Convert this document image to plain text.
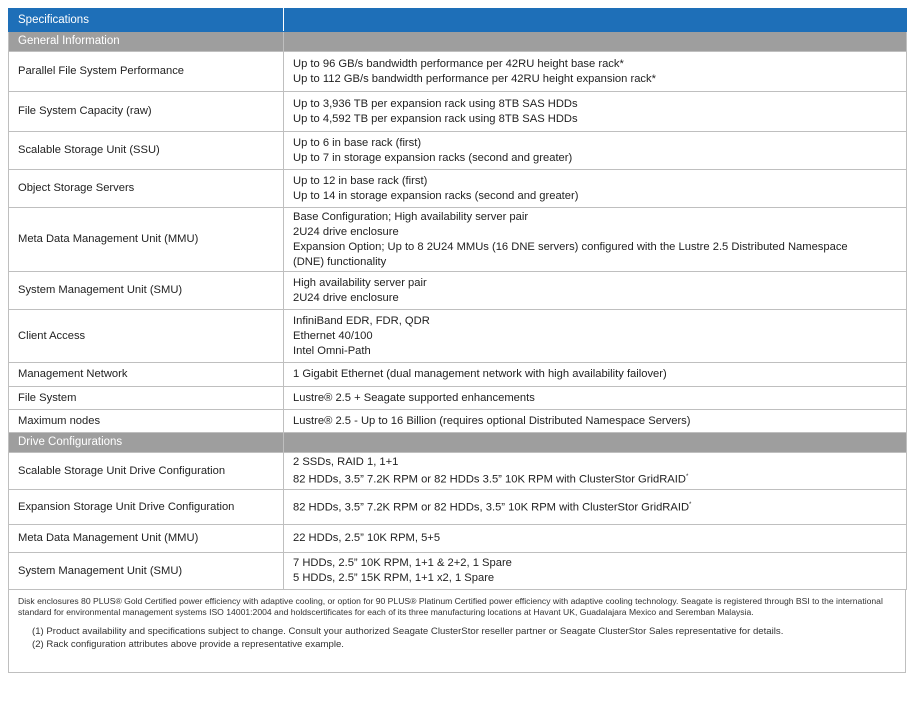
Specifications	
General Information	
Parallel File System Performance	Up to 96 GB/s bandwidth performance per 42RU height base rack*
Up to 112 GB/s bandwidth performance per 42RU height expansion rack*

File System Capacity (raw)	Up to 3,936 TB per expansion rack using 8TB SAS HDDs
Up to 4,592 TB per expansion rack using 8TB SAS HDDs

Scalable Storage Unit (SSU)	Up to 6 in base rack (first)
Up to 7 in storage expansion racks (second and greater)

Object Storage Servers	Up to 12 in base rack (first)
Up to 14 in storage expansion racks (second and greater)

Meta Data Management Unit (MMU)	Base Configuration; High availability server pair
2U24 drive enclosure
Expansion Option; Up to 8 2U24 MMUs (16 DNE servers) configured with the Lustre 2.5 Distributed Namespace
(DNE) functionality

System Management Unit (SMU)	High availability server pair
2U24 drive enclosure

Client Access	InfiniBand EDR, FDR, QDR
Ethernet 40/100
Intel Omni-Path

Management Network	1 Gigabit Ethernet (dual management network with high availability failover)

File System	Lustre® 2.5 + Seagate supported enhancements

Maximum nodes	Lustre® 2.5 - Up to 16 Billion (requires optional Distributed Namespace Servers)

Drive Configurations	
Scalable Storage Unit Drive Configuration	2 SSDs, RAID 1, 1+1
82 HDDs, 3.5” 7.2K RPM or 82 HDDs 3.5” 10K RPM with ClusterStor GridRAID*

Expansion Storage Unit Drive Configuration	82 HDDs, 3.5” 7.2K RPM or 82 HDDs, 3.5” 10K RPM with ClusterStor GridRAID*

Meta Data Management Unit (MMU)	22 HDDs, 2.5” 10K RPM, 5+5

System Management Unit (SMU)	7 HDDs, 2.5” 10K RPM, 1+1 & 2+2, 1 Spare
5 HDDs, 2.5” 15K RPM, 1+1 x2, 1 Spare

Disk enclosures 80 PLUS® Gold Certified power efficiency with adaptive cooling, or option for 90 PLUS® Platinum Certified power efficiency with adaptive cooling technology. Seagate is registered through BSI to the international standard for environmental management systems ISO 14001:2004 and holdscertificates for each of its three manufacturing locations at Havant UK, Guadalajara Mexico and Seremban Malaysia.

(1) Product availability and specifications subject to change. Consult your authorized Seagate ClusterStor reseller partner or Seagate ClusterStor Sales representative for details.
(2) Rack configuration attributes above provide a representative example.
